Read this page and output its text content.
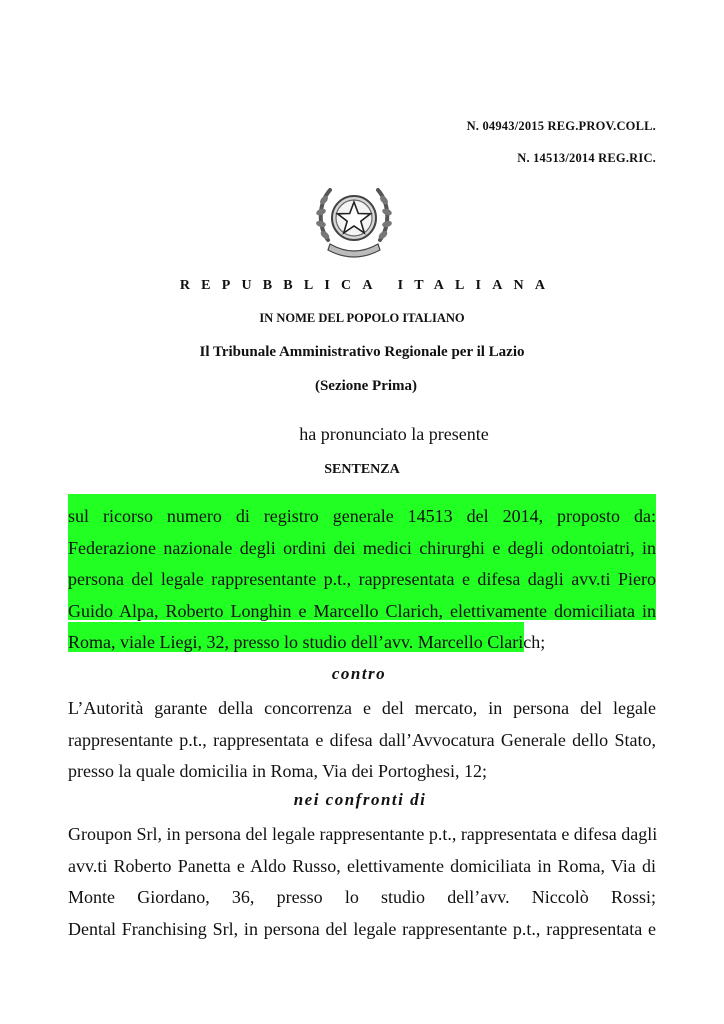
N. 04943/2015 REG.PROV.COLL.
N. 14513/2014 REG.RIC.
REPUBBLICA ITALIANA
IN NOME DEL POPOLO ITALIANO
Il Tribunale Amministrativo Regionale per il Lazio
(Sezione Prima)
ha pronunciato la presente
SENTENZA
sul ricorso numero di registro generale 14513 del 2014, proposto da:
Federazione nazionale degli ordini dei medici chirurghi e degli odontoiatri, in
persona del legale rappresentante p.t., rappresentata e difesa dagli avv.ti Piero
Guido Alpa, Roberto Longhin e Marcello Clarich, elettivamente domiciliata in
Roma, viale Liegi, 32, presso lo studio dell’avv. Marcello Clarich;
contro
L’Autorità garante della concorrenza e del mercato, in persona del legale
rappresentante p.t., rappresentata e difesa dall’Avvocatura Generale dello Stato,
presso la quale domicilia in Roma, Via dei Portoghesi, 12;
nei confronti di
Groupon Srl, in persona del legale rappresentante p.t., rappresentata e difesa dagli
avv.ti Roberto Panetta e Aldo Russo, elettivamente domiciliata in Roma, Via di
Monte Giordano, 36, presso lo studio dell’avv. Niccolò Rossi;
Dental Franchising Srl, in persona del legale rappresentante p.t., rappresentata e
